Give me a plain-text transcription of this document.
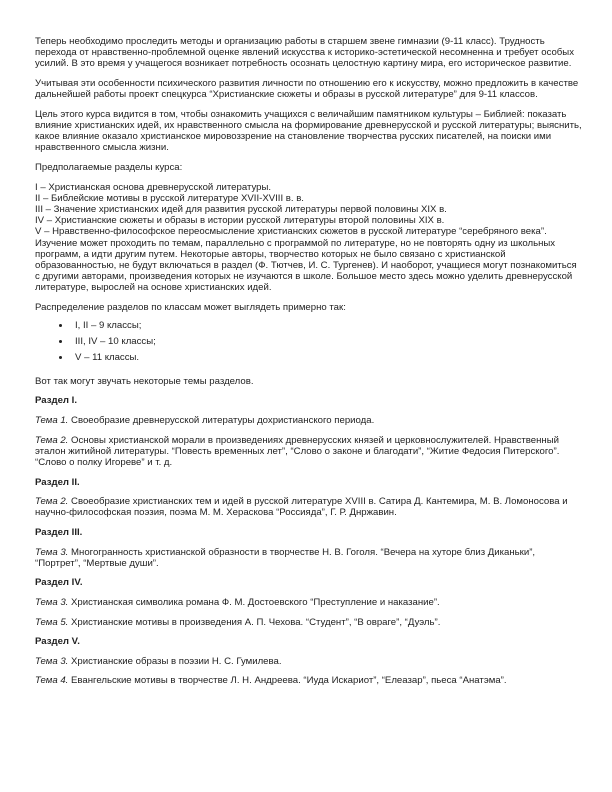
Теперь необходимо проследить методы и организацию работы в старшем звене гимназии (9-11 класс). Трудность перехода от нравственно-проблемной оценке явлений искусства к историко-эстетической несомненна и требует особых усилий. В это время у учащегося возникает потребность осознать целостную картину мира, его историческое развитие.

Учитывая эти особенности психического развития личности по отношению его к искусству, можно предложить в качестве дальнейшей работы проект спецкурса “Христианские сюжеты и образы в русской литературе” для 9-11 классов.

Цель этого курса видится в том, чтобы ознакомить учащихся с величайшим памятником культуры – Библией: показать влияние христианских идей, их нравственного смысла на формирование древнерусской и русской литературы; выяснить, какое влияние оказало христианское мировоззрение на становление творчества русских писателей, на поиски ими нравственного смысла жизни.

Предполагаемые разделы курса:

I – Христианская основа древнерусской литературы.

II – Библейские мотивы в русской литературе XVII-XVIII в. в.

III – Значение христианских идей для развития русской литературы первой половины XIX в.

IV – Христианские сюжеты и образы в истории русской литературы второй половины XIX в.

V – Нравственно-философское переосмысление христианских сюжетов в русской литературе “серебряного века”.

Изучение может проходить по темам, параллельно с программой по литературе, но не повторять одну из школьных программ, а идти другим путем. Некоторые авторы, творчество которых не было связано с христианской образованностью, не будут включаться в раздел (Ф. Тютчев, И. С. Тургенев). И наоборот, учащиеся могут познакомиться с другими авторами, произведения которых не изучаются в школе. Большое место здесь можно уделить древнерусской литературе, вырослей на основе христианских идей.

Распределение разделов по классам может выглядеть примерно так:

• I, II – 9 классы;
• III, IV – 10 классы;
• V – 11 классы.

Вот так могут звучать некоторые темы разделов.

Раздел I.

Тема 1. Своеобразие древнерусской литературы дохристианского периода.

Тема 2. Основы христианской морали в произведениях древнерусских князей и церковнослужителей. Нравственный эталон житийной литературы. “Повесть временных лет”, “Слово о законе и благодати”, “Житие Федосия Питерского”. “Слово о полку Игореве” и т. д.

Раздел II.

Тема 2. Своеобразие христианских тем и идей в русской литературе XVIII в. Сатира Д. Кантемира, М. В. Ломоносова и научно-философская поэзия, поэма М. М. Хераскова “Россияда”, Г. Р. Днржавин.

Раздел III.

Тема 3. Многогранность христианской образности в творчестве Н. В. Гоголя. “Вечера на хуторе близ Диканьки”, “Портрет”, “Мертвые души”.

Раздел IV.

Тема 3. Христианская символика романа Ф. М. Достоевского “Преступление и наказание”.

Тема 5. Христианские мотивы в произведения А. П. Чехова. “Студент”, “В овраге”, “Дуэль”.

Раздел V.

Тема 3. Христианские образы в поэзии Н. С. Гумилева.

Тема 4. Евангельские мотивы в творчестве Л. Н. Андреева. “Иуда Искариот”, “Елеазар”, пьеса “Анатэма”.
